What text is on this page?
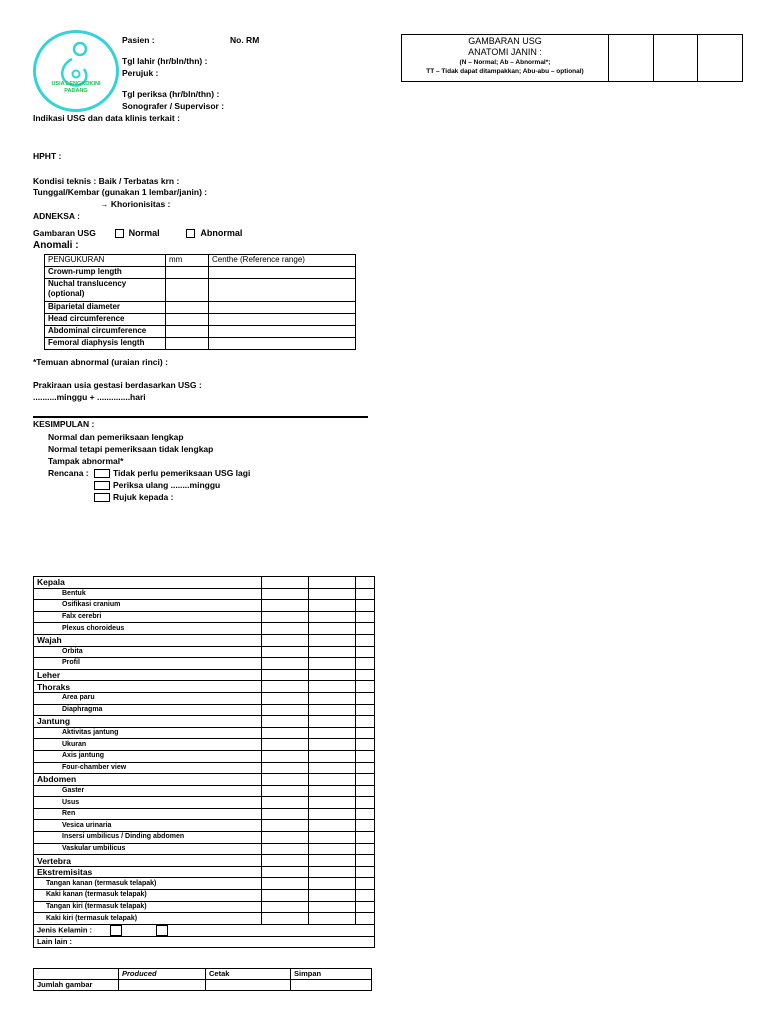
USIA LENGKOKINI
PADANG
Pasien :	No. RM
Tgl lahir (hr/bln/thn) :
Perujuk :
Tgl periksa (hr/bln/thn) :
Sonografer / Supervisor :
Indikasi USG dan data klinis terkait :
HPHT :
Kondisi teknis : Baik / Terbatas krn :
Tunggal/Kembar (gunakan 1 lembar/janin) :
→ Khorionisitas :
ADNEKSA :
Gambaran USG	Normal	Abnormal
Anomali :
PENGUKURAN	mm	Centhe (Reference range)
Crown-rump length		
Nuchal translucency (optional)		
Biparietal diameter		
Head circumference		
Abdominal circumference		
Femoral diaphysis length		
*Temuan abnormal (uraian rinci) :
Prakiraan usia gestasi berdasarkan USG :
..........minggu + ..............hari
KESIMPULAN :
Normal dan pemeriksaan lengkap
Normal tetapi pemeriksaan tidak lengkap
Tampak abnormal*
Rencana :	Tidak perlu pemeriksaan USG lagi
Periksa ulang ........minggu
Rujuk kepada :
GAMBARAN USG
ANATOMI JANIN :
(N – Normal; Ab – Abnormal*;
TT – Tidak dapat ditampakkan; Abu-abu – optional)

Kepala			
Bentuk			
Osifikasi cranium			
Falx cerebri			
Plexus choroideus			
Wajah			
Orbita			
Profil			
Leher			
Thoraks			
Area paru			
Diaphragma			
Jantung			
Aktivitas jantung			
Ukuran			
Axis jantung			
Four-chamber view			
Abdomen			
Gaster			
Usus			
Ren			
Vesica urinaria			
Insersi umbilicus / Dinding abdomen			
Vaskular umbilicus			
Vertebra			
Ekstremisitas			
Tangan kanan (termasuk telapak)			
Kaki kanan (termasuk telapak)			
Tangan kiri (termasuk telapak)			
Kaki kiri (termasuk telapak)			
Jenis Kelamin :			
Lain lain :			
	Produced	Cetak	Simpan
Jumlah gambar			
